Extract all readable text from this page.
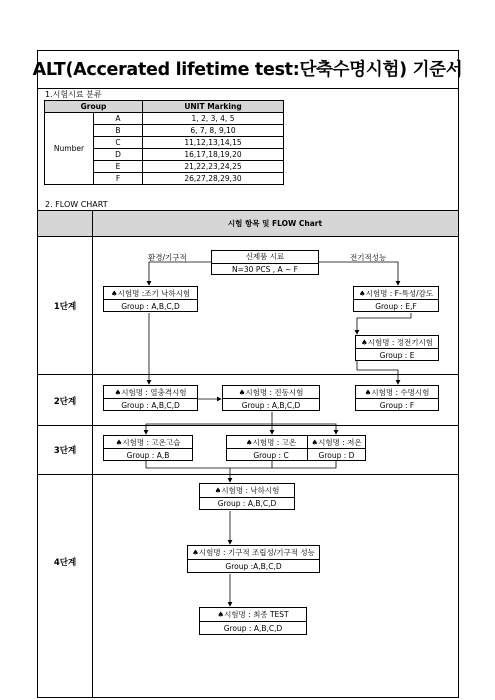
ALT(Accerated lifetime test:단축수명시험) 기준서
1.시험시료 분류
Group		UNIT Marking
Number	A	1, 2, 3, 4, 5
	B	6, 7, 8, 9,10
	C	11,12,13,14,15
	D	16,17,18,19,20
	E	21,22,23,24,25
	F	26,27,28,29,30
2. FLOW CHART
시험 항목 및 FLOW Chart
1단계
2단계
3단계
4단계
환경/기구적	전기적성능
신제품 시료
N=30 PCS , A ~ F
♠시험명 :조기 낙하시험
Group : A,B,C,D
♠시험명 : F-특성/감도
Group : E,F
♠시험명 : 정전기시험
Group : E
♠시험명 : 열충격시험
Group : A,B,C,D
♠시험명 : 진동시험
Group : A,B,C,D
♠시험명 : 수명시험
Group : F
♠시험명 : 고온고습
Group : A,B
♠시험명 : 고온
Group : C
♠시험명 : 저온
Group : D
♠시험명 : 낙하시험
Group : A,B,C,D
♠시험명 : 기구적 조립성/기구적 성능
Group :A,B,C,D
♠시험명 : 최종 TEST
Group : A,B,C,D
